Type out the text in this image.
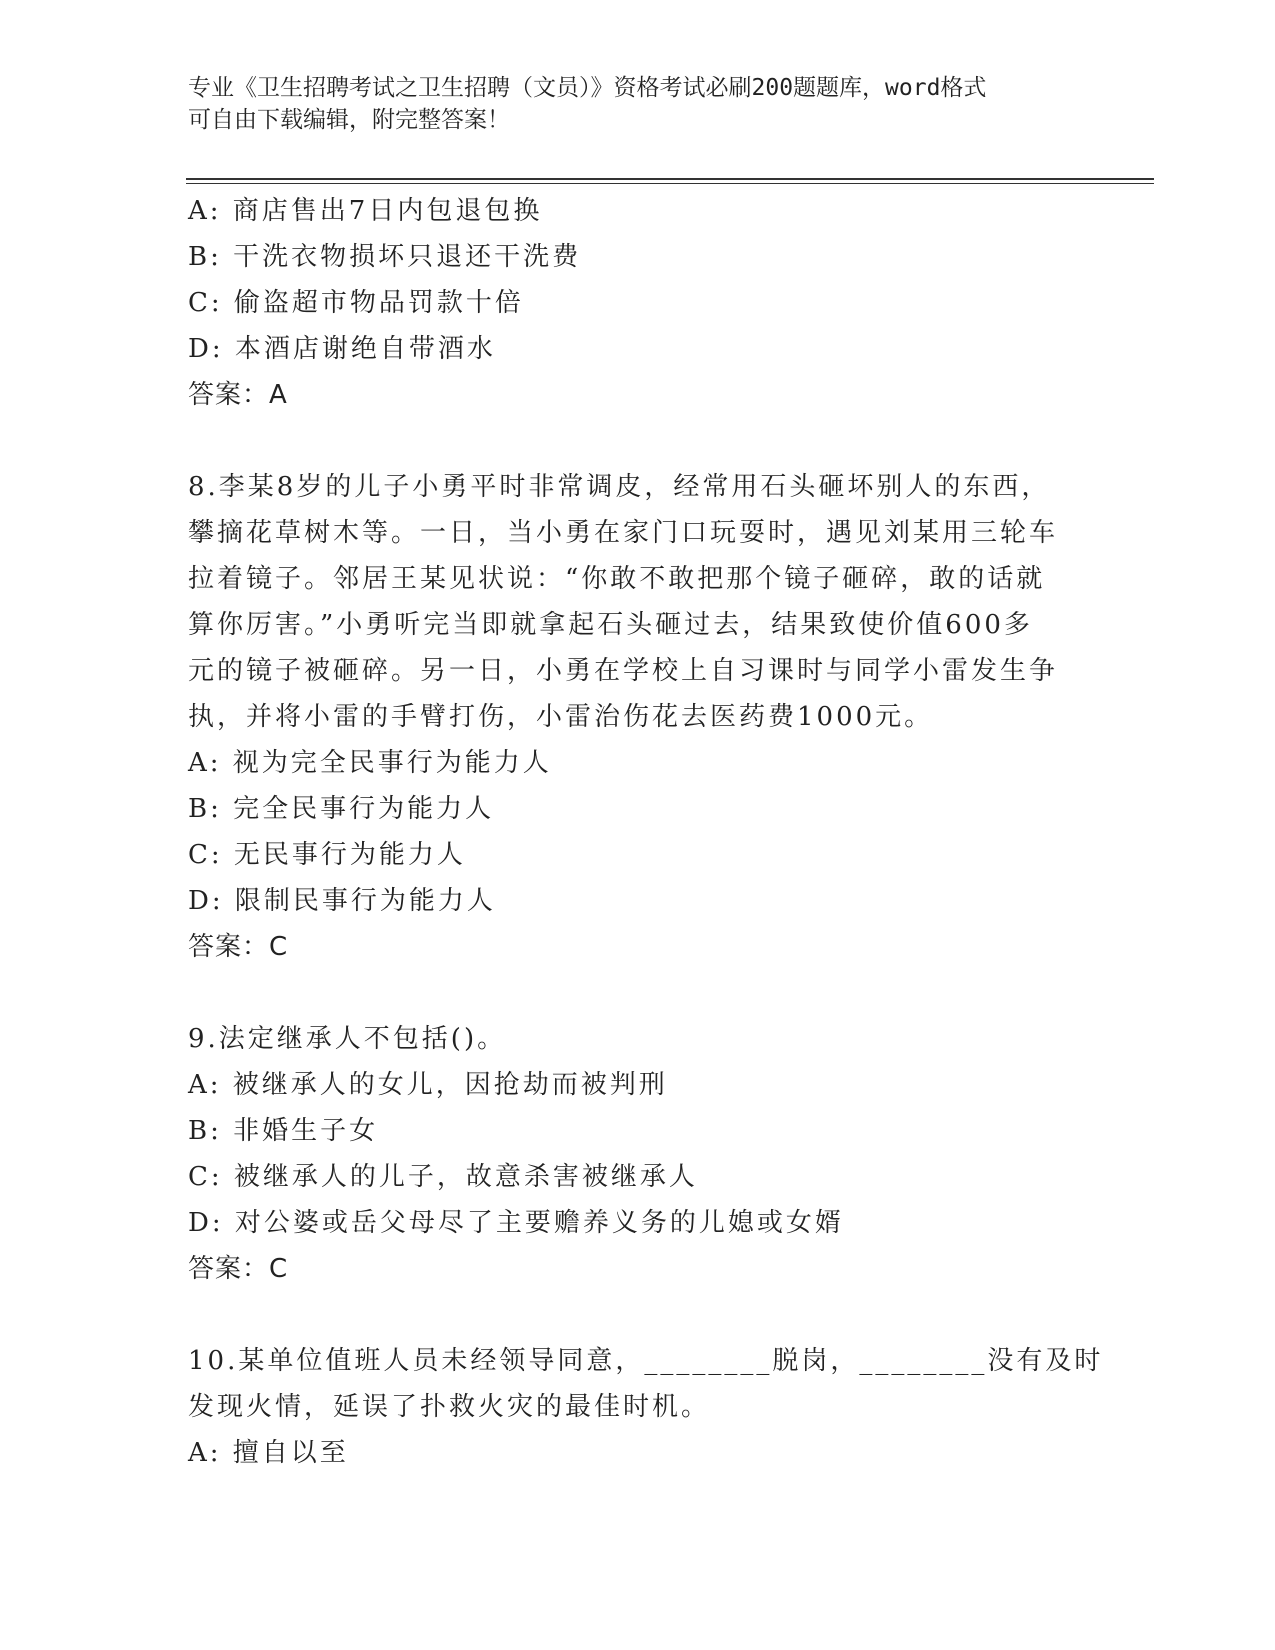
专业《卫生招聘考试之卫生招聘（文员）》资格考试必刷200题题库，word格式

可自由下载编辑，附完整答案！

A: 商店售出7日内包退包换

B: 干洗衣物损坏只退还干洗费

C: 偷盗超市物品罚款十倍

D: 本酒店谢绝自带酒水

答案：A

8.李某8岁的儿子小勇平时非常调皮，经常用石头砸坏别人的东西，

攀摘花草树木等。一日，当小勇在家门口玩耍时，遇见刘某用三轮车

拉着镜子。邻居王某见状说：“你敢不敢把那个镜子砸碎，敢的话就

算你厉害。”小勇听完当即就拿起石头砸过去，结果致使价值600多

元的镜子被砸碎。另一日，小勇在学校上自习课时与同学小雷发生争

执，并将小雷的手臂打伤，小雷治伤花去医药费1000元。

A: 视为完全民事行为能力人

B: 完全民事行为能力人

C: 无民事行为能力人

D: 限制民事行为能力人

答案：C

9.法定继承人不包括()。

A: 被继承人的女儿，因抢劫而被判刑

B: 非婚生子女

C: 被继承人的儿子，故意杀害被继承人

D: 对公婆或岳父母尽了主要赡养义务的儿媳或女婿

答案：C

10.某单位值班人员未经领导同意，________脱岗，________没有及时

发现火情，延误了扑救火灾的最佳时机。

A: 擅自以至
